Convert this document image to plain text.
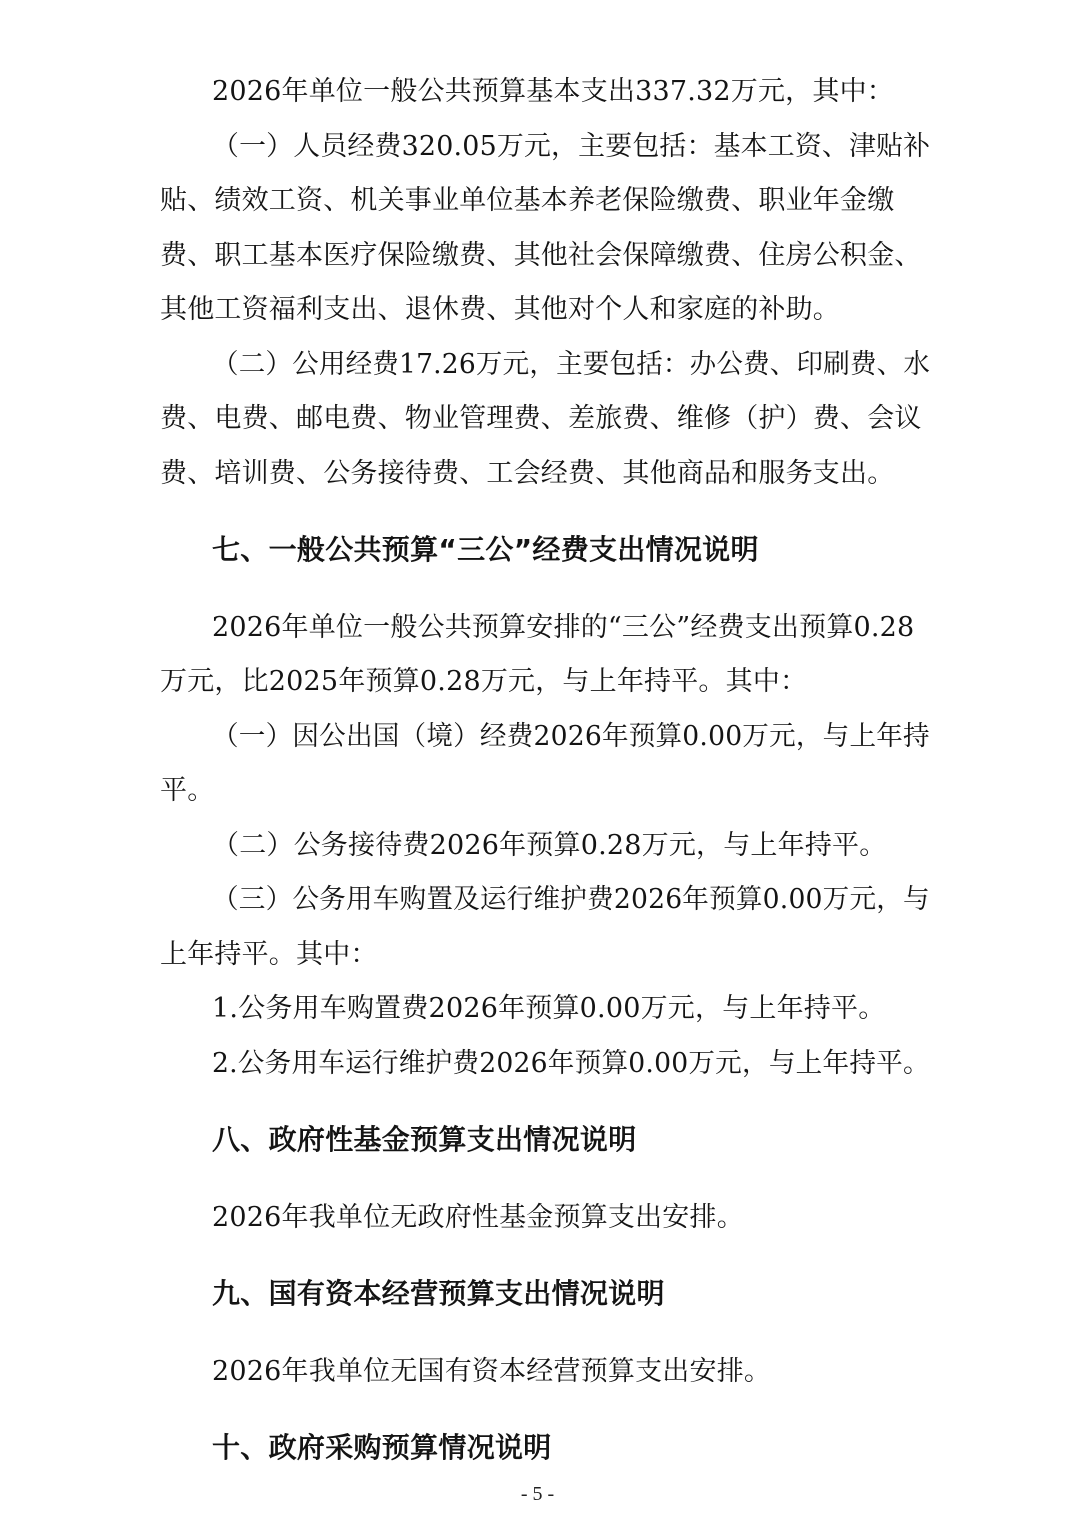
2026年单位一般公共预算基本支出337.32万元，其中：
（一）人员经费320.05万元，主要包括：基本工资、津贴补
贴、绩效工资、机关事业单位基本养老保险缴费、职业年金缴
费、职工基本医疗保险缴费、其他社会保障缴费、住房公积金、
其他工资福利支出、退休费、其他对个人和家庭的补助。
（二）公用经费17.26万元，主要包括：办公费、印刷费、水
费、电费、邮电费、物业管理费、差旅费、维修（护）费、会议
费、培训费、公务接待费、工会经费、其他商品和服务支出。
七、一般公共预算“三公”经费支出情况说明
2026年单位一般公共预算安排的“三公”经费支出预算0.28
万元，比2025年预算0.28万元，与上年持平。其中：
（一）因公出国（境）经费2026年预算0.00万元，与上年持
平。
（二）公务接待费2026年预算0.28万元，与上年持平。
（三）公务用车购置及运行维护费2026年预算0.00万元，与
上年持平。其中：
1.公务用车购置费2026年预算0.00万元，与上年持平。
2.公务用车运行维护费2026年预算0.00万元，与上年持平。
八、政府性基金预算支出情况说明
2026年我单位无政府性基金预算支出安排。
九、国有资本经营预算支出情况说明
2026年我单位无国有资本经营预算支出安排。
十、政府采购预算情况说明
- 5 -
